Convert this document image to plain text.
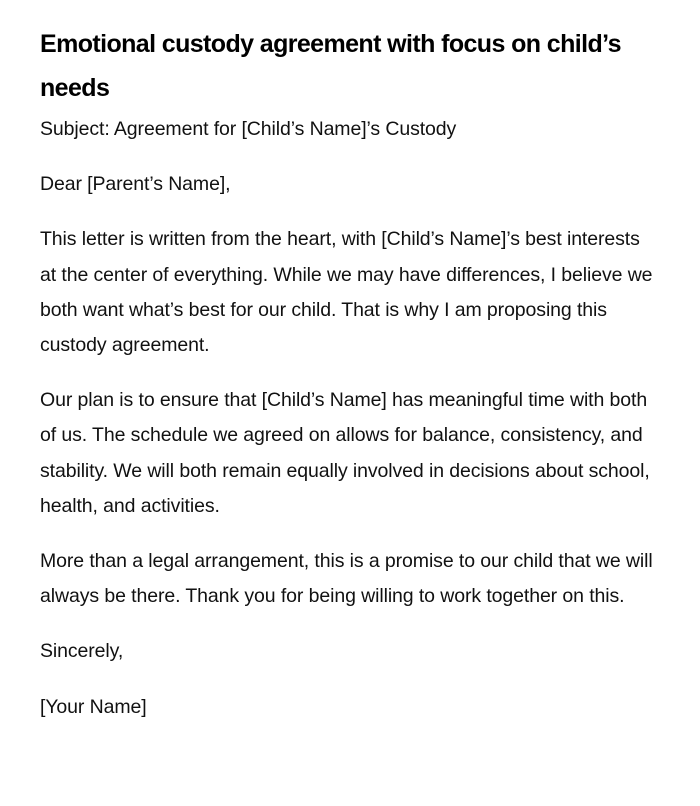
Emotional custody agreement with focus on child’s needs

Subject: Agreement for [Child’s Name]’s Custody

Dear [Parent’s Name],

This letter is written from the heart, with [Child’s Name]’s best interests at the center of everything. While we may have differences, I believe we both want what’s best for our child. That is why I am proposing this custody agreement.

Our plan is to ensure that [Child’s Name] has meaningful time with both of us. The schedule we agreed on allows for balance, consistency, and stability. We will both remain equally involved in decisions about school, health, and activities.

More than a legal arrangement, this is a promise to our child that we will always be there. Thank you for being willing to work together on this.

Sincerely,

[Your Name]
